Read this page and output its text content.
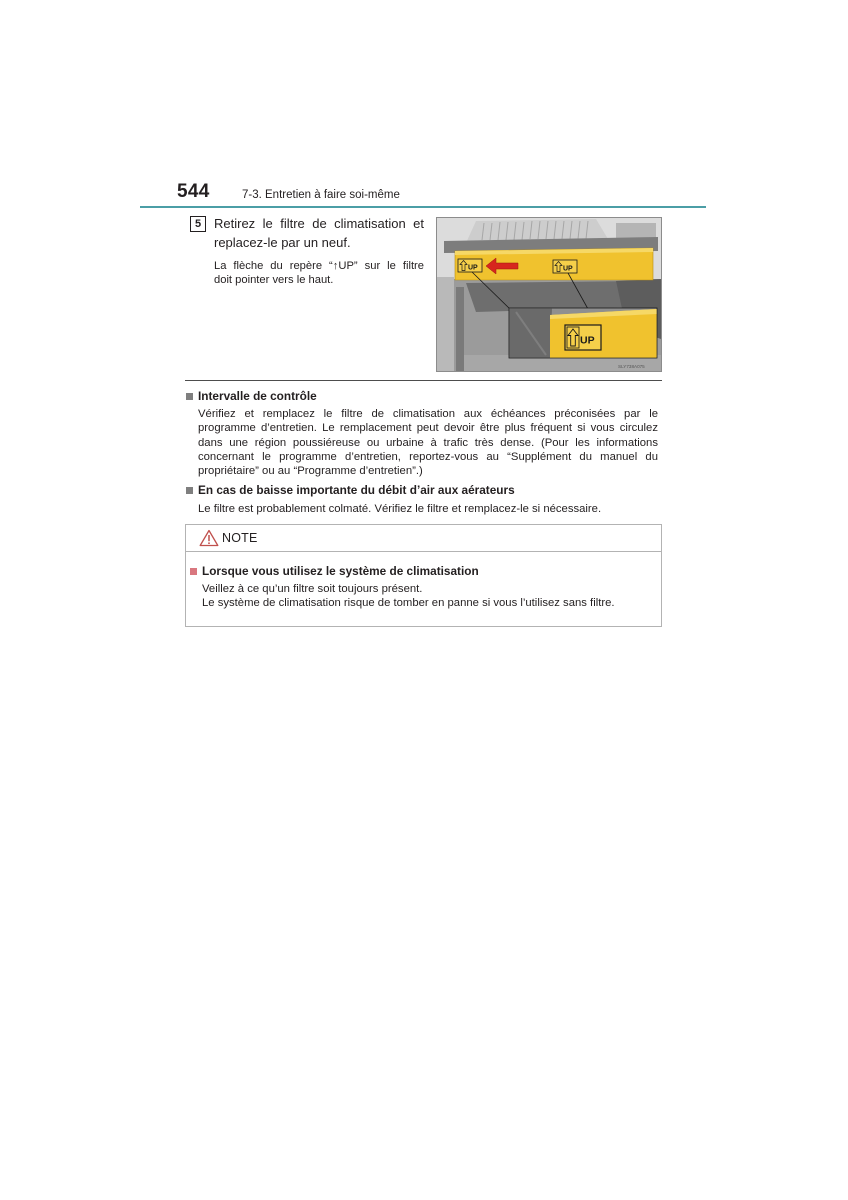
544	7-3. Entretien à faire soi-même
5 Retirez le filtre de climatisation et
replacez-le par un neuf.
La flèche du repère “↑UP” sur le filtre
doit pointer vers le haut.
UP	UP
UP
SLY738A075
Intervalle de contrôle
Vérifiez et remplacez le filtre de climatisation aux échéances préconisées par le
programme d’entretien. Le remplacement peut devoir être plus fréquent si vous circulez
dans une région poussiéreuse ou urbaine à trafic très dense. (Pour les informations
concernant le programme d’entretien, reportez-vous au “Supplément du manuel du
propriétaire” ou au “Programme d’entretien”.)
En cas de baisse importante du débit d’air aux aérateurs
Le filtre est probablement colmaté. Vérifiez le filtre et remplacez-le si nécessaire.
NOTE
Lorsque vous utilisez le système de climatisation
Veillez à ce qu’un filtre soit toujours présent.
Le système de climatisation risque de tomber en panne si vous l’utilisez sans filtre.
